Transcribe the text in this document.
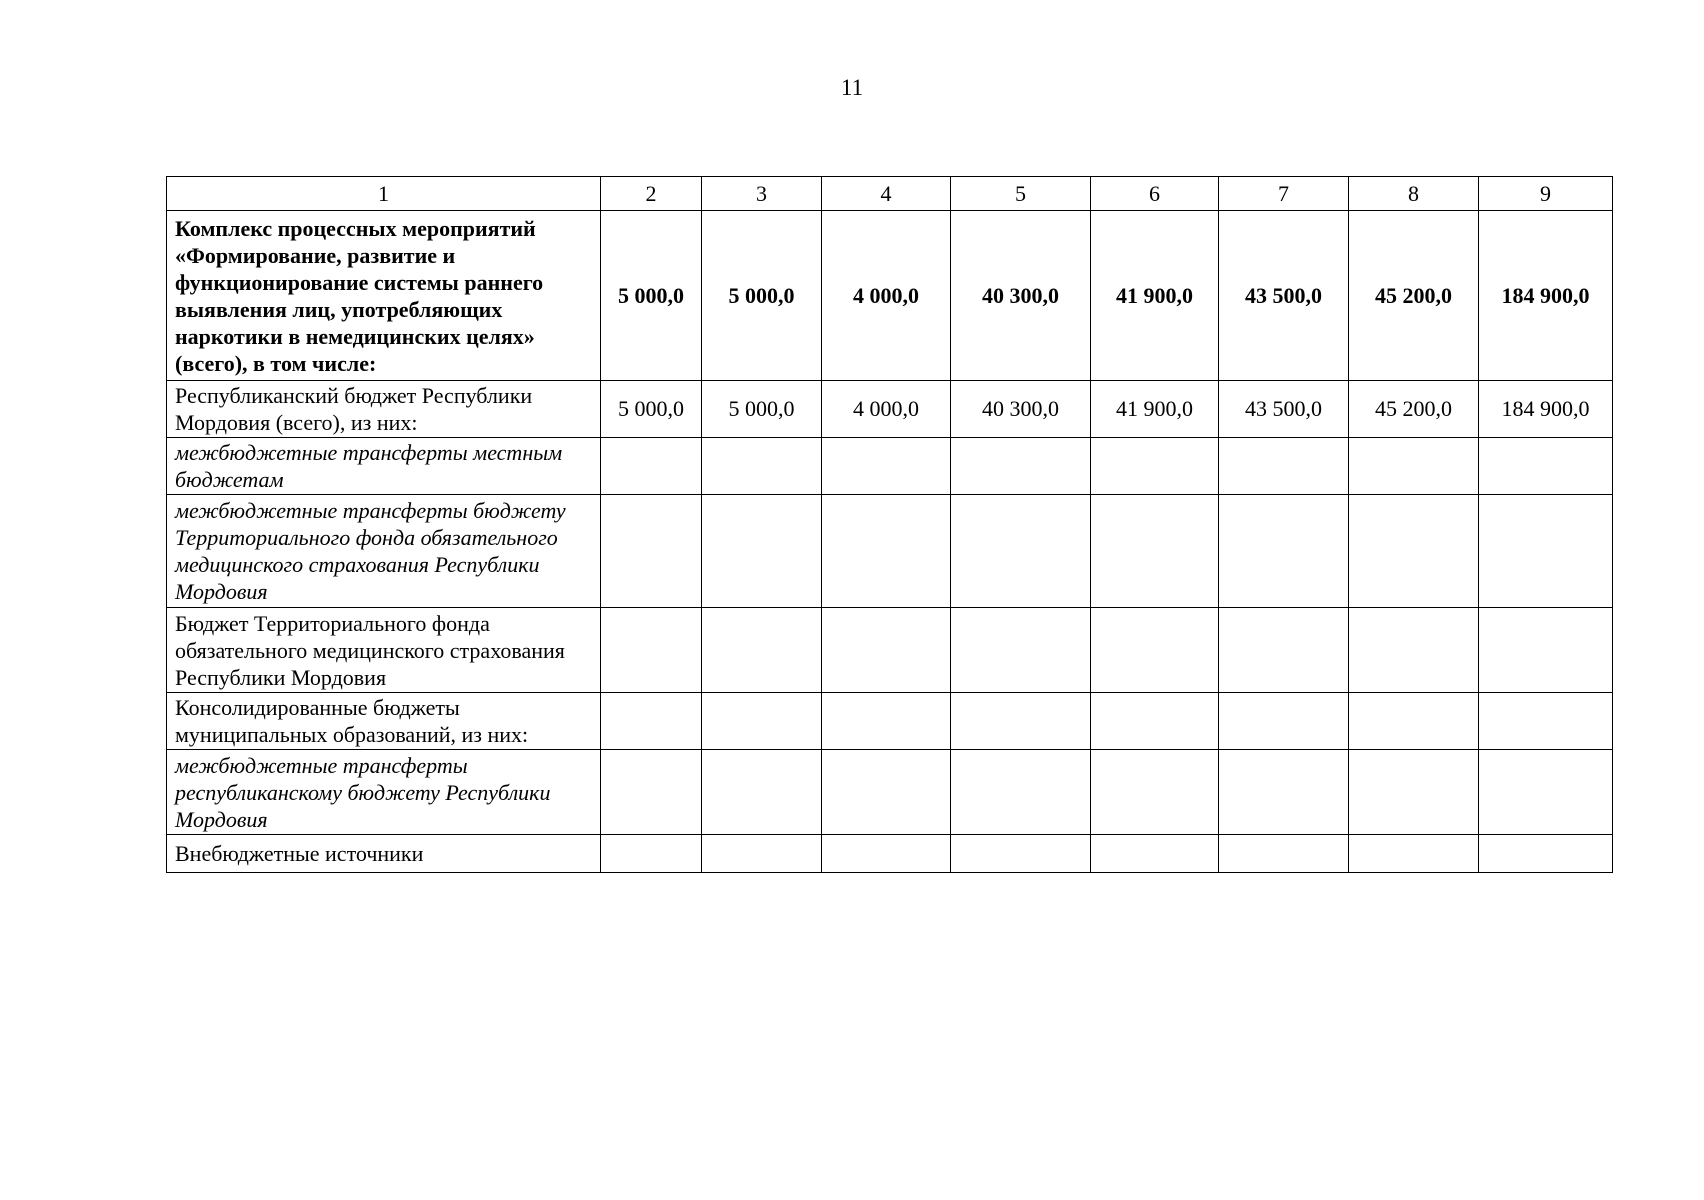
11
1	2	3	4	5	6	7	8	9
Комплекс процессных мероприятий «Формирование, развитие и функционирование системы раннего выявления лиц, употребляющих наркотики в немедицинских целях» (всего), в том числе:	5 000,0	5 000,0	4 000,0	40 300,0	41 900,0	43 500,0	45 200,0	184 900,0
Республиканский бюджет Республики Мордовия (всего), из них:	5 000,0	5 000,0	4 000,0	40 300,0	41 900,0	43 500,0	45 200,0	184 900,0
межбюджетные трансферты местным бюджетам								
межбюджетные трансферты бюджету Территориального фонда обязательного медицинского страхования Республики Мордовия								
Бюджет Территориального фонда обязательного медицинского страхования Республики Мордовия								
Консолидированные бюджеты муниципальных образований, из них:								
межбюджетные трансферты республиканскому бюджету Республики Мордовия								
Внебюджетные источники								
